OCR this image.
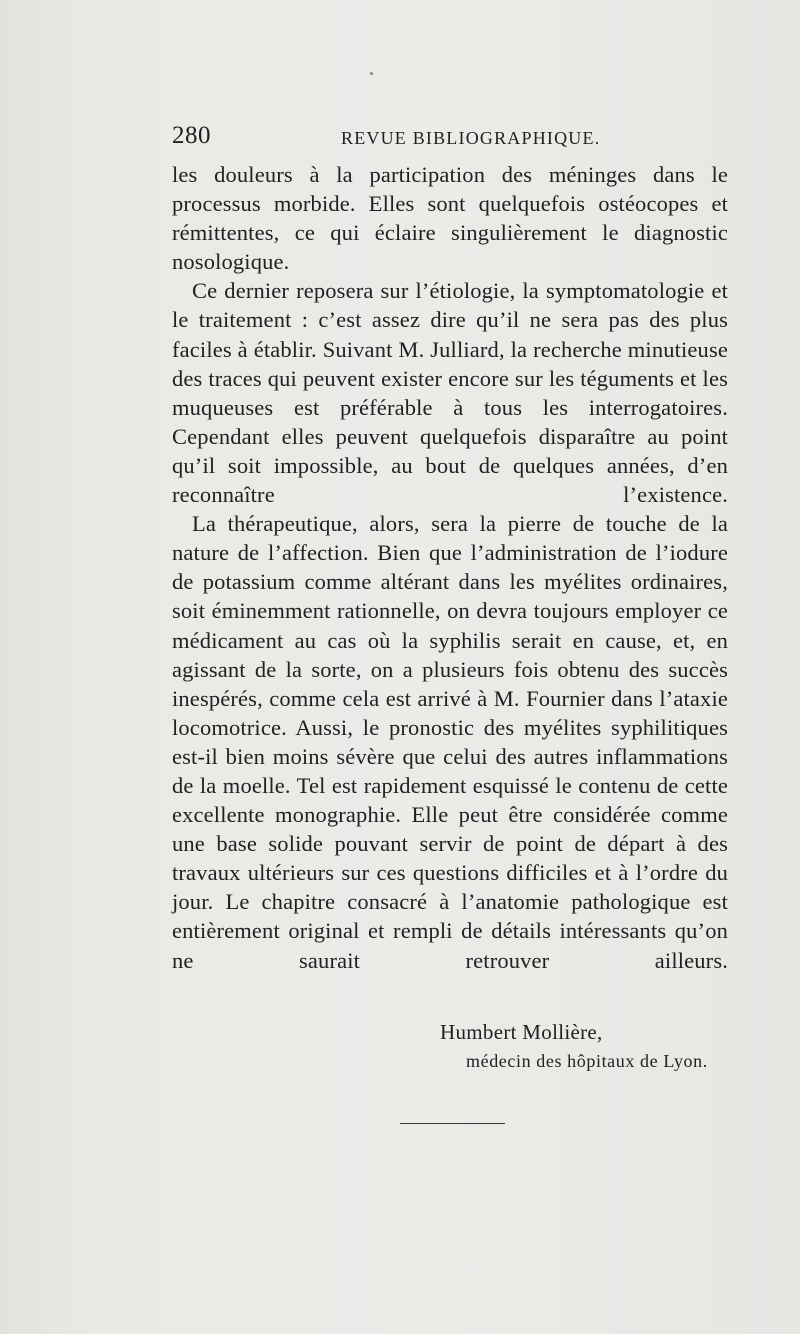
280	REVUE BIBLIOGRAPHIQUE.

les douleurs à la participation des méninges dans le processus morbide. Elles sont quelquefois ostéocopes et rémittentes, ce qui éclaire singulièrement le diagnostic nosologique.

Ce dernier reposera sur l’étiologie, la symptomatologie et le traitement : c’est assez dire qu’il ne sera pas des plus faciles à établir. Suivant M. Julliard, la recherche minutieuse des traces qui peuvent exister encore sur les téguments et les muqueuses est préférable à tous les interrogatoires. Cependant elles peuvent quelquefois disparaître au point qu’il soit impossible, au bout de quelques années, d’en reconnaître l’existence.

La thérapeutique, alors, sera la pierre de touche de la nature de l’affection. Bien que l’administration de l’iodure de potassium comme altérant dans les myélites ordinaires, soit éminemment rationnelle, on devra toujours employer ce médicament au cas où la syphilis serait en cause, et, en agissant de la sorte, on a plusieurs fois obtenu des succès inespérés, comme cela est arrivé à M. Fournier dans l’ataxie locomotrice. Aussi, le pronostic des myélites syphilitiques est-il bien moins sévère que celui des autres inflammations de la moelle. Tel est rapidement esquissé le contenu de cette excellente monographie. Elle peut être considérée comme une base solide pouvant servir de point de départ à des travaux ultérieurs sur ces questions difficiles et à l’ordre du jour. Le chapitre consacré à l’anatomie pathologique est entièrement original et rempli de détails intéressants qu’on ne saurait retrouver ailleurs.

Humbert Mollière,
médecin des hôpitaux de Lyon.
